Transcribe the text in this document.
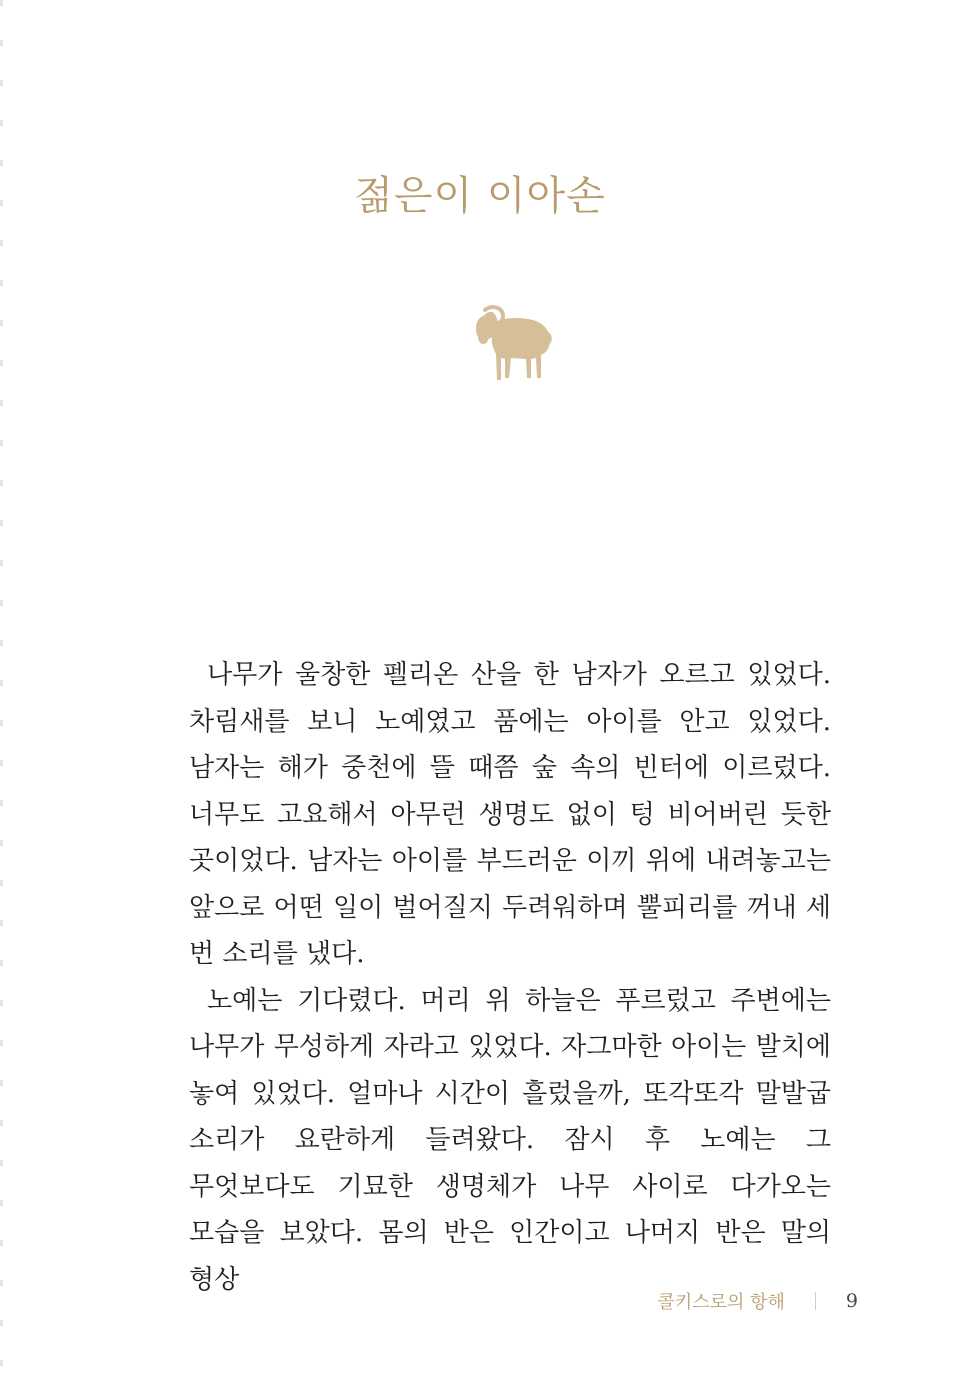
젊은이 이아손

나무가 울창한 펠리온 산을 한 남자가 오르고 있었다. 차림새를 보니 노예였고 품에는 아이를 안고 있었다. 남자는 해가 중천에 뜰 때쯤 숲 속의 빈터에 이르렀다. 너무도 고요해서 아무런 생명도 없이 텅 비어버린 듯한 곳이었다. 남자는 아이를 부드러운 이끼 위에 내려놓고는 앞으로 어떤 일이 벌어질지 두려워하며 뿔피리를 꺼내 세 번 소리를 냈다.

노예는 기다렸다. 머리 위 하늘은 푸르렀고 주변에는 나무가 무성하게 자라고 있었다. 자그마한 아이는 발치에 놓여 있었다. 얼마나 시간이 흘렀을까, 또각또각 말발굽 소리가 요란하게 들려왔다. 잠시 후 노예는 그 무엇보다도 기묘한 생명체가 나무 사이로 다가오는 모습을 보았다. 몸의 반은 인간이고 나머지 반은 말의 형상

콜키스로의 항해	9
